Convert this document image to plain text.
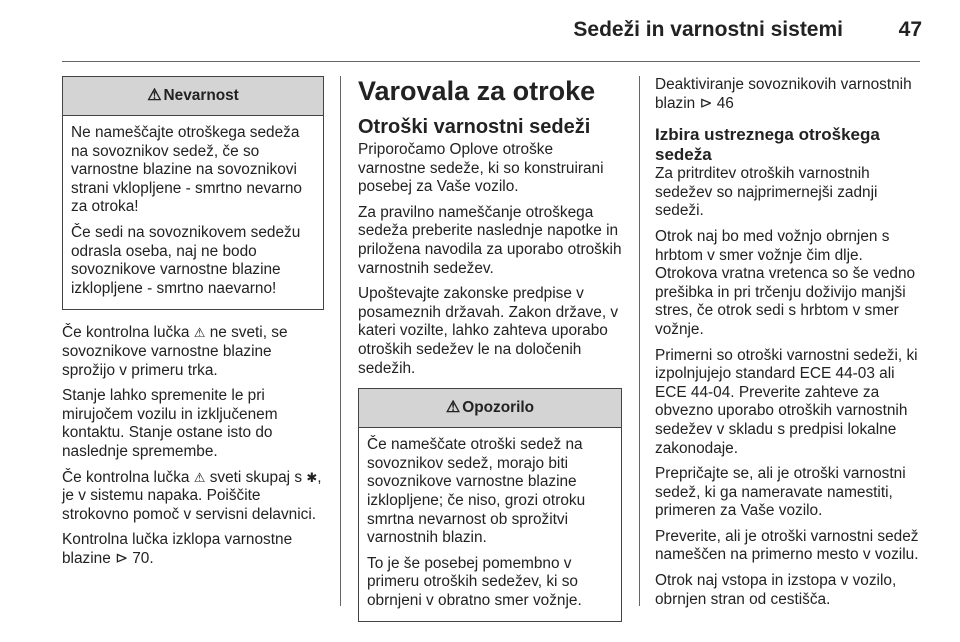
Sedeži in varnostni sistemi	47
⚠ Nevarnost

Ne nameščajte otroškega sedeža na sovoznikov sedež, če so varnostne blazine na sovoznikovi strani vklopljene - smrtno nevarno za otroka!

Če sedi na sovoznikovem sedežu odrasla oseba, naj ne bodo sovoznikove varnostne blazine izklopljene - smrtno naevarno!

Če kontrolna lučka ⚠ ne sveti, se sovoznikove varnostne blazine sprožijo v primeru trka.

Stanje lahko spremenite le pri mirujočem vozilu in izključenem kontaktu. Stanje ostane isto do naslednje spremembe.

Če kontrolna lučka ⚠ sveti skupaj s ✱, je v sistemu napaka. Poiščite strokovno pomoč v servisni delavnici.

Kontrolna lučka izklopa varnostne blazine ⊳ 70.

Varovala za otroke
Otroški varnostni sedeži

Priporočamo Oplove otroške varnostne sedeže, ki so konstruirani posebej za Vaše vozilo.

Za pravilno nameščanje otroškega sedeža preberite naslednje napotke in priložena navodila za uporabo otroških varnostnih sedežev.

Upoštevajte zakonske predpise v posameznih državah. Zakon države, v kateri vozilte, lahko zahteva uporabo otroških sedežev le na določenih sedežih.

⚠ Opozorilo

Če nameščate otroški sedež na sovoznikov sedež, morajo biti sovoznikove varnostne blazine izklopljene; če niso, grozi otroku smrtna nevarnost ob sprožitvi varnostnih blazin.

To je še posebej pomembno v primeru otroških sedežev, ki so obrnjeni v obratno smer vožnje.

Deaktiviranje sovoznikovih varnostnih blazin ⊳ 46

Izbira ustreznega otroškega sedeža

Za pritrditev otroških varnostnih sedežev so najprimernejši zadnji sedeži.

Otrok naj bo med vožnjo obrnjen s hrbtom v smer vožnje čim dlje. Otrokova vratna vretenca so še vedno prešibka in pri trčenju doživijo manjši stres, če otrok sedi s hrbtom v smer vožnje.

Primerni so otroški varnostni sedeži, ki izpolnjujejo standard ECE 44-03 ali ECE 44-04. Preverite zahteve za obvezno uporabo otroških varnostnih sedežev v skladu s predpisi lokalne zakonodaje.

Prepričajte se, ali je otroški varnostni sedež, ki ga nameravate namestiti, primeren za Vaše vozilo.

Preverite, ali je otroški varnostni sedež nameščen na primerno mesto v vozilu.

Otrok naj vstopa in izstopa v vozilo, obrnjen stran od cestišča.
